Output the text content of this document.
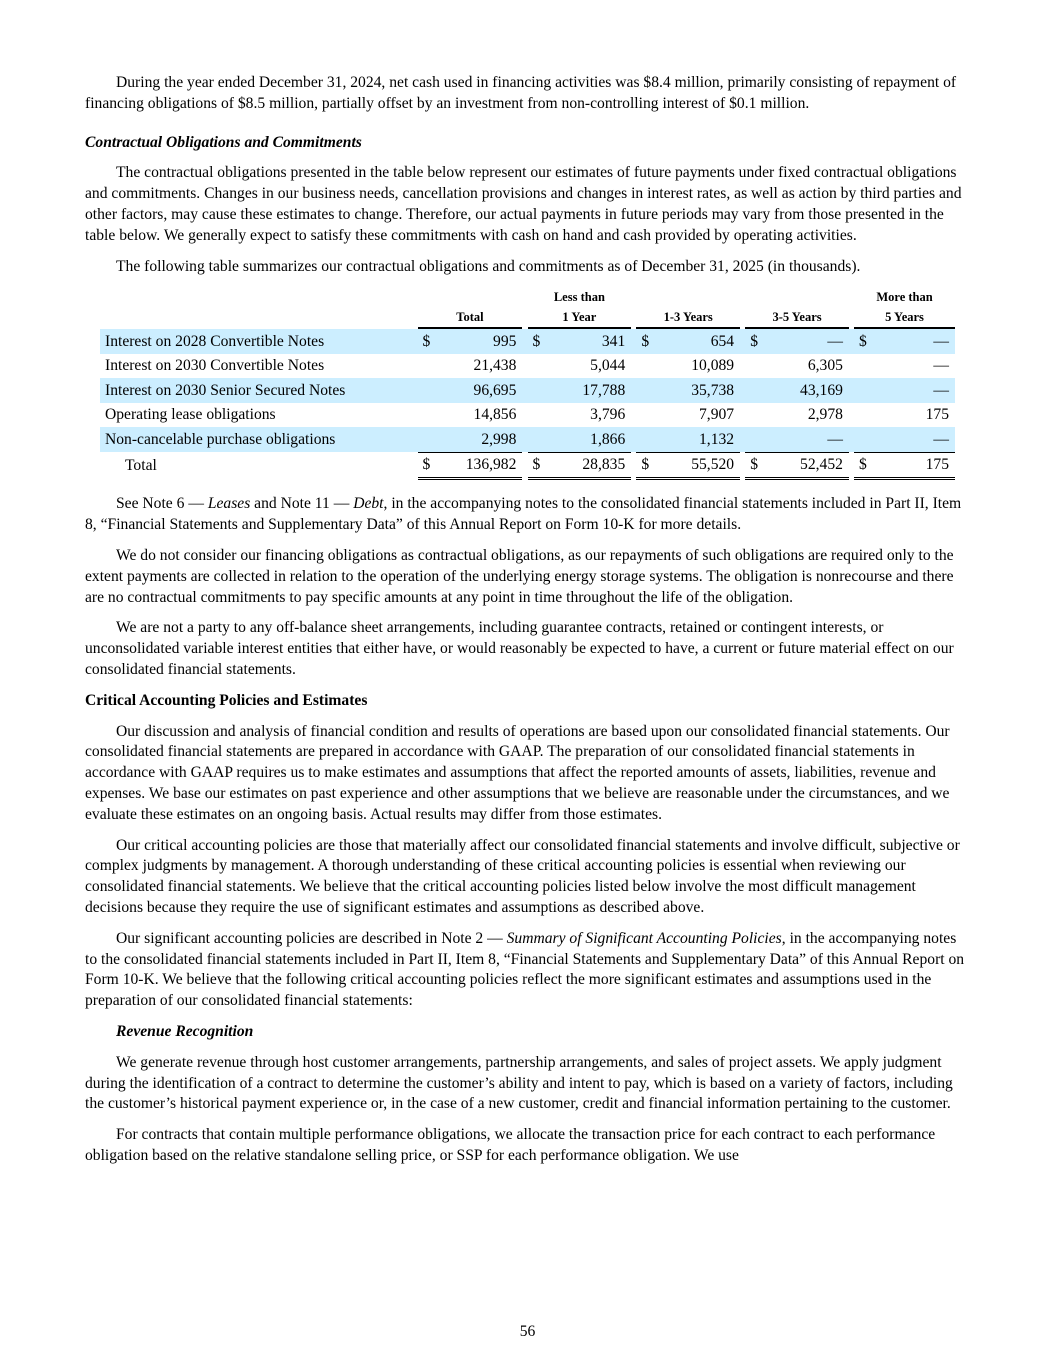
During the year ended December 31, 2024, net cash used in financing activities was $8.4 million, primarily consisting of repayment of financing obligations of $8.5 million, partially offset by an investment from non-controlling interest of $0.1 million.

Contractual Obligations and Commitments

The contractual obligations presented in the table below represent our estimates of future payments under fixed contractual obligations and commitments. Changes in our business needs, cancellation provisions and changes in interest rates, as well as action by third parties and other factors, may cause these estimates to change. Therefore, our actual payments in future periods may vary from those presented in the table below. We generally expect to satisfy these commitments with cash on hand and cash provided by operating activities.

The following table summarizes our contractual obligations and commitments as of December 31, 2025 (in thousands).

				Less than									More than	
	Total			1 Year			1-3 Years			3-5 Years			5 Years	
Interest on 2028 Convertible Notes	$	995		$	341		$	654		$	—		$	—
Interest on 2030 Convertible Notes		21,438			5,044			10,089			6,305			—
Interest on 2030 Senior Secured Notes		96,695			17,788			35,738			43,169			—
Operating lease obligations		14,856			3,796			7,907			2,978			175
Non-cancelable purchase obligations		2,998			1,866			1,132			—			—
Total	$	136,982		$	28,835		$	55,520		$	52,452		$	175

See Note 6 — Leases and Note 11 — Debt, in the accompanying notes to the consolidated financial statements included in Part II, Item 8, “Financial Statements and Supplementary Data” of this Annual Report on Form 10-K for more details.

We do not consider our financing obligations as contractual obligations, as our repayments of such obligations are required only to the extent payments are collected in relation to the operation of the underlying energy storage systems. The obligation is nonrecourse and there are no contractual commitments to pay specific amounts at any point in time throughout the life of the obligation.

We are not a party to any off-balance sheet arrangements, including guarantee contracts, retained or contingent interests, or unconsolidated variable interest entities that either have, or would reasonably be expected to have, a current or future material effect on our consolidated financial statements.

Critical Accounting Policies and Estimates

Our discussion and analysis of financial condition and results of operations are based upon our consolidated financial statements. Our consolidated financial statements are prepared in accordance with GAAP. The preparation of our consolidated financial statements in accordance with GAAP requires us to make estimates and assumptions that affect the reported amounts of assets, liabilities, revenue and expenses. We base our estimates on past experience and other assumptions that we believe are reasonable under the circumstances, and we evaluate these estimates on an ongoing basis. Actual results may differ from those estimates.

Our critical accounting policies are those that materially affect our consolidated financial statements and involve difficult, subjective or complex judgments by management. A thorough understanding of these critical accounting policies is essential when reviewing our consolidated financial statements. We believe that the critical accounting policies listed below involve the most difficult management decisions because they require the use of significant estimates and assumptions as described above.

Our significant accounting policies are described in Note 2 — Summary of Significant Accounting Policies, in the accompanying notes to the consolidated financial statements included in Part II, Item 8, “Financial Statements and Supplementary Data” of this Annual Report on Form 10-K. We believe that the following critical accounting policies reflect the more significant estimates and assumptions used in the preparation of our consolidated financial statements:

Revenue Recognition

We generate revenue through host customer arrangements, partnership arrangements, and sales of project assets. We apply judgment during the identification of a contract to determine the customer’s ability and intent to pay, which is based on a variety of factors, including the customer’s historical payment experience or, in the case of a new customer, credit and financial information pertaining to the customer.

For contracts that contain multiple performance obligations, we allocate the transaction price for each contract to each performance obligation based on the relative standalone selling price, or SSP for each performance obligation. We use

56
